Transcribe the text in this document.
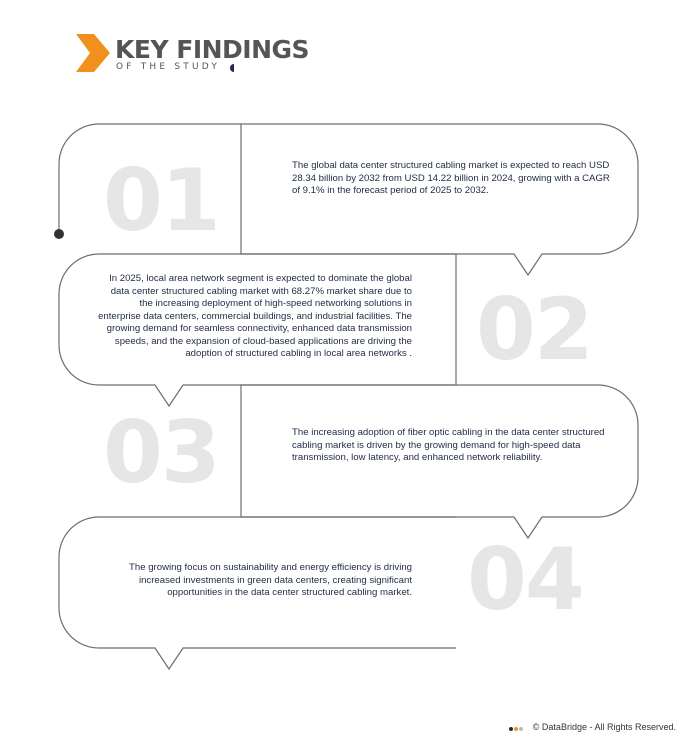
KEY FINDINGS
OF THE STUDY
01	The global data center structured cabling market is expected to reach USD 28.34 billion by 2032 from USD 14.22 billion in 2024, growing with a CAGR of 9.1% in the forecast period of 2025 to 2032.
02
In 2025, local area network segment is expected to dominate the global data center structured cabling market with 68.27% market share due to the increasing deployment of high-speed networking solutions in enterprise data centers, commercial buildings, and industrial facilities. The growing demand for seamless connectivity, enhanced data transmission speeds, and the expansion of cloud-based applications are driving the adoption of structured cabling in local area networks .
03	The increasing adoption of fiber optic cabling in the data center structured cabling market is driven by the growing demand for high-speed data transmission, low latency, and enhanced network reliability.
04
The growing focus on sustainability and energy efficiency is driving increased investments in green data centers, creating significant opportunities in the data center structured cabling market.
© DataBridge - All Rights Reserved.
